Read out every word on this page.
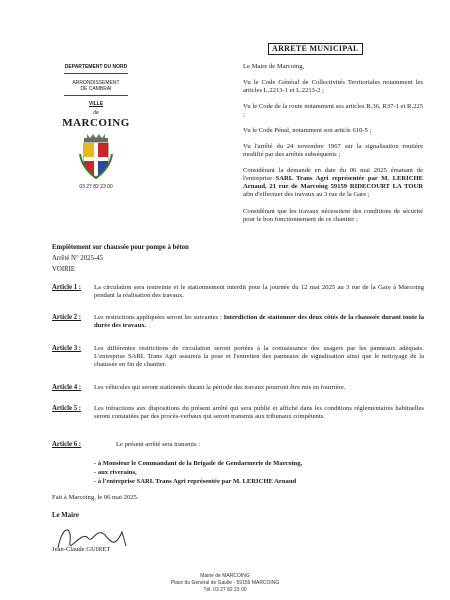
DEPARTEMENT DU NORD
ARRONDISSEMENT
DE CAMBRAI
VILLE
de
MARCOING
03 27 82 23 00
ARRETE MUNICIPAL
Le Maire de Marcoing,
Vu le Code Général de Collectivités Territoriales notamment les articles L.2213-1 et L.2213-2 ;
Vu le Code de la route notamment ses articles R.36, R37-1 et R.225 ;
Vu le Code Pénal, notamment son article 610-5 ;
Vu l'arrêté du 24 novembre 1967 sur la signalisation routière modifié par des arrêtés subséquents ;
Considérant la demande en date du 06 mai 2025 émanant de l'entreprise SARL Trans Agri représentée par M. LERICHE Arnaud, 21 rue de Marcoing 59159 RIDECOURT LA TOUR afin d'effectuer des travaux au 3 rue de la Gare ;
Considérant que les travaux nécessitent des conditions de sécurité pour le bon fonctionnement de ce chantier ;
Empiètement sur chaussée pour pompe à béton
Arrêté N° 2025-45
VOIRIE
Article 1 : La circulation sera restreinte et le stationnement interdit pour la journée du 12 mai 2025 au 3 rue de la Gare à Marcoing pendant la réalisation des travaux.
Article 2 : Les restrictions appliquées seront les suivantes : Interdiction de stationner des deux côtés de la chaussée durant toute la durée des travaux.
Article 3 : Les différentes restrictions de circulation seront portées à la connaissance des usagers par les panneaux adéquats. L'entreprise SARL Trans Agri assurera la pose et l'entretien des panneaux de signalisation ainsi que le nettoyage de la chaussée en fin de chantier.
Article 4 : Les véhicules qui seront stationnés durant la période des travaux pourront être mis en fourrière.
Article 5 : Les infractions aux dispositions du présent arrêté qui sera publié et affiché dans les conditions réglementaires habituelles seront constatées par des procès-verbaux qui seront transmis aux tribunaux compétents.
Article 6 :	Le présent arrêté sera transmis :
- à Monsieur le Commandant de la Brigade de Gendarmerie de Marcoing,
- aux riverains,
- à l'entreprise SARL Trans Agri représentée par M. LERICHE Arnaud
Fait à Marcoing, le 06 mai 2025.
Le Maire
Jean-Claude GUIRET
Mairie de MARCOING
Place du Général de Gaulle - 59159 MARCOING
Tél. 03 27 82 23 00
